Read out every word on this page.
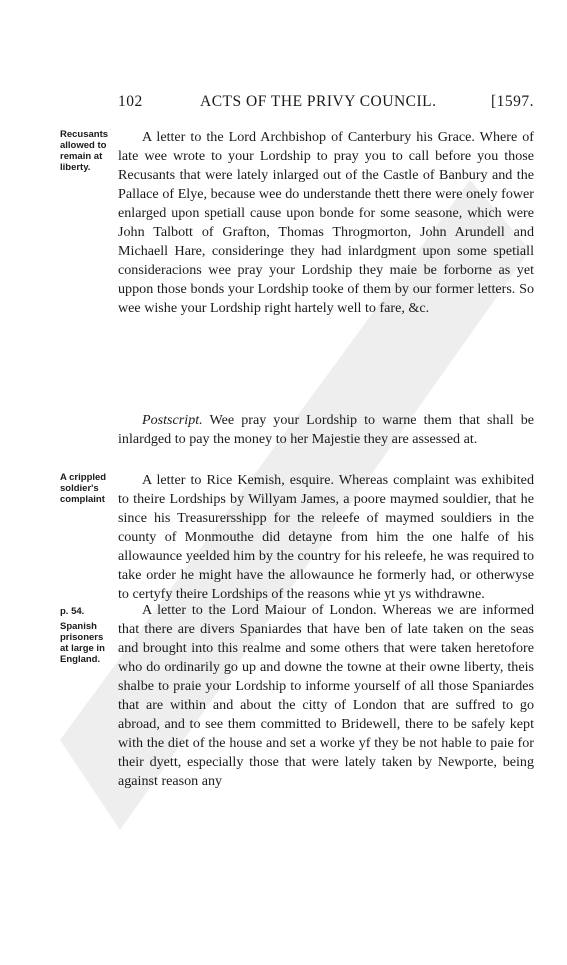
102	ACTS OF THE PRIVY COUNCIL.	[1597.
Recusants allowed to remain at liberty.
A crippled soldier's complaint
p. 54.
Spanish prisoners at large in England.

A letter to the Lord Archbishop of Canterbury his Grace. Where of late wee wrote to your Lordship to pray you to call before you those Recusants that were lately inlarged out of the Castle of Banbury and the Pallace of Elye, because wee do understande thett there were onely fower enlarged upon spetiall cause upon bonde for some seasone, which were John Talbott of Grafton, Thomas Throgmorton, John Arundell and Michaell Hare, consideringe they had inlardgment upon some spetiall consideracions wee pray your Lordship they maie be forborne as yet uppon those bonds your Lordship tooke of them by our former letters. So wee wishe your Lordship right hartely well to fare, &c.

Postscript. Wee pray your Lordship to warne them that shall be inlardged to pay the money to her Majestie they are assessed at.

A letter to Rice Kemish, esquire. Whereas complaint was exhibited to theire Lordships by Willyam James, a poore maymed souldier, that he since his Treasurersshipp for the releefe of maymed souldiers in the county of Monmouthe did detayne from him the one halfe of his allowaunce yeelded him by the country for his releefe, he was required to take order he might have the allowaunce he formerly had, or otherwyse to certyfy theire Lordships of the reasons whie yt ys withdrawne.

A letter to the Lord Maiour of London. Whereas we are informed that there are divers Spaniardes that have ben of late taken on the seas and brought into this realme and some others that were taken heretofore who do ordinarily go up and downe the towne at their owne liberty, theis shalbe to praie your Lordship to informe yourself of all those Spaniardes that are within and about the citty of London that are suffred to go abroad, and to see them committed to Bridewell, there to be safely kept with the diet of the house and set a worke yf they be not hable to paie for their dyett, especially those that were lately taken by Newporte, being against reason any
